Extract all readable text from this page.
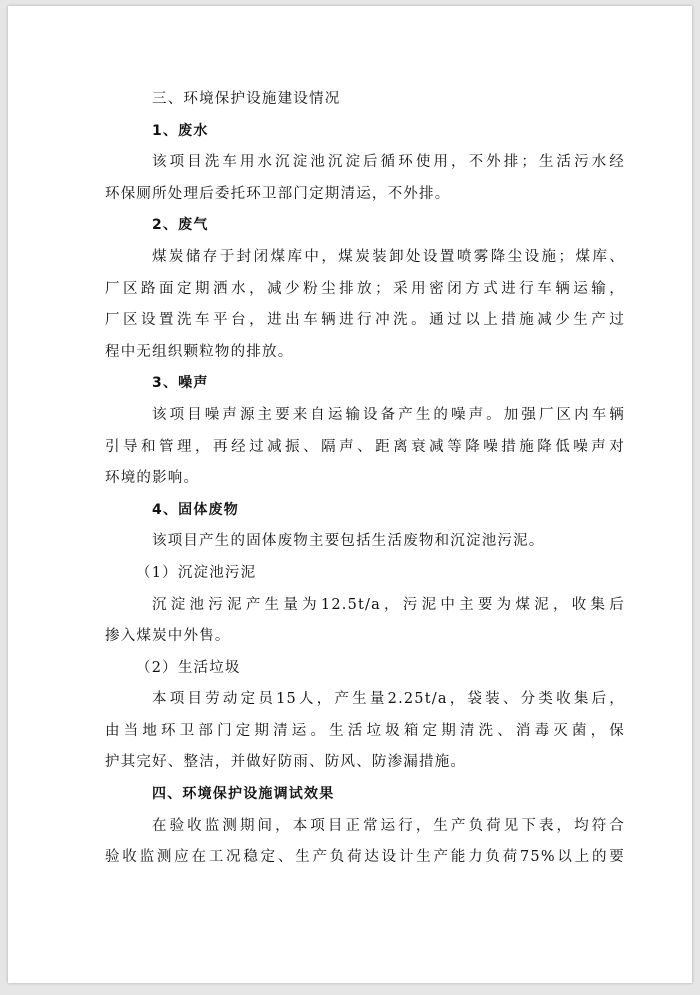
三、环境保护设施建设情况
1、废水
该项目洗车用水沉淀池沉淀后循环使用，不外排；生活污水经
环保厕所处理后委托环卫部门定期清运，不外排。
2、废气
煤炭储存于封闭煤库中，煤炭装卸处设置喷雾降尘设施；煤库、
厂区路面定期洒水，减少粉尘排放；采用密闭方式进行车辆运输，
厂区设置洗车平台，进出车辆进行冲洗。通过以上措施减少生产过
程中无组织颗粒物的排放。
3、噪声
该项目噪声源主要来自运输设备产生的噪声。加强厂区内车辆
引导和管理，再经过减振、隔声、距离衰减等降噪措施降低噪声对
环境的影响。
4、固体废物
该项目产生的固体废物主要包括生活废物和沉淀池污泥。
（1）沉淀池污泥
沉淀池污泥产生量为12.5t/a，污泥中主要为煤泥，收集后
掺入煤炭中外售。
（2）生活垃圾
本项目劳动定员15人，产生量2.25t/a，袋装、分类收集后，
由当地环卫部门定期清运。生活垃圾箱定期清洗、消毒灭菌，保
护其完好、整洁，并做好防雨、防风、防渗漏措施。
四、环境保护设施调试效果
在验收监测期间，本项目正常运行，生产负荷见下表，均符合
验收监测应在工况稳定、生产负荷达设计生产能力负荷75%以上的要
